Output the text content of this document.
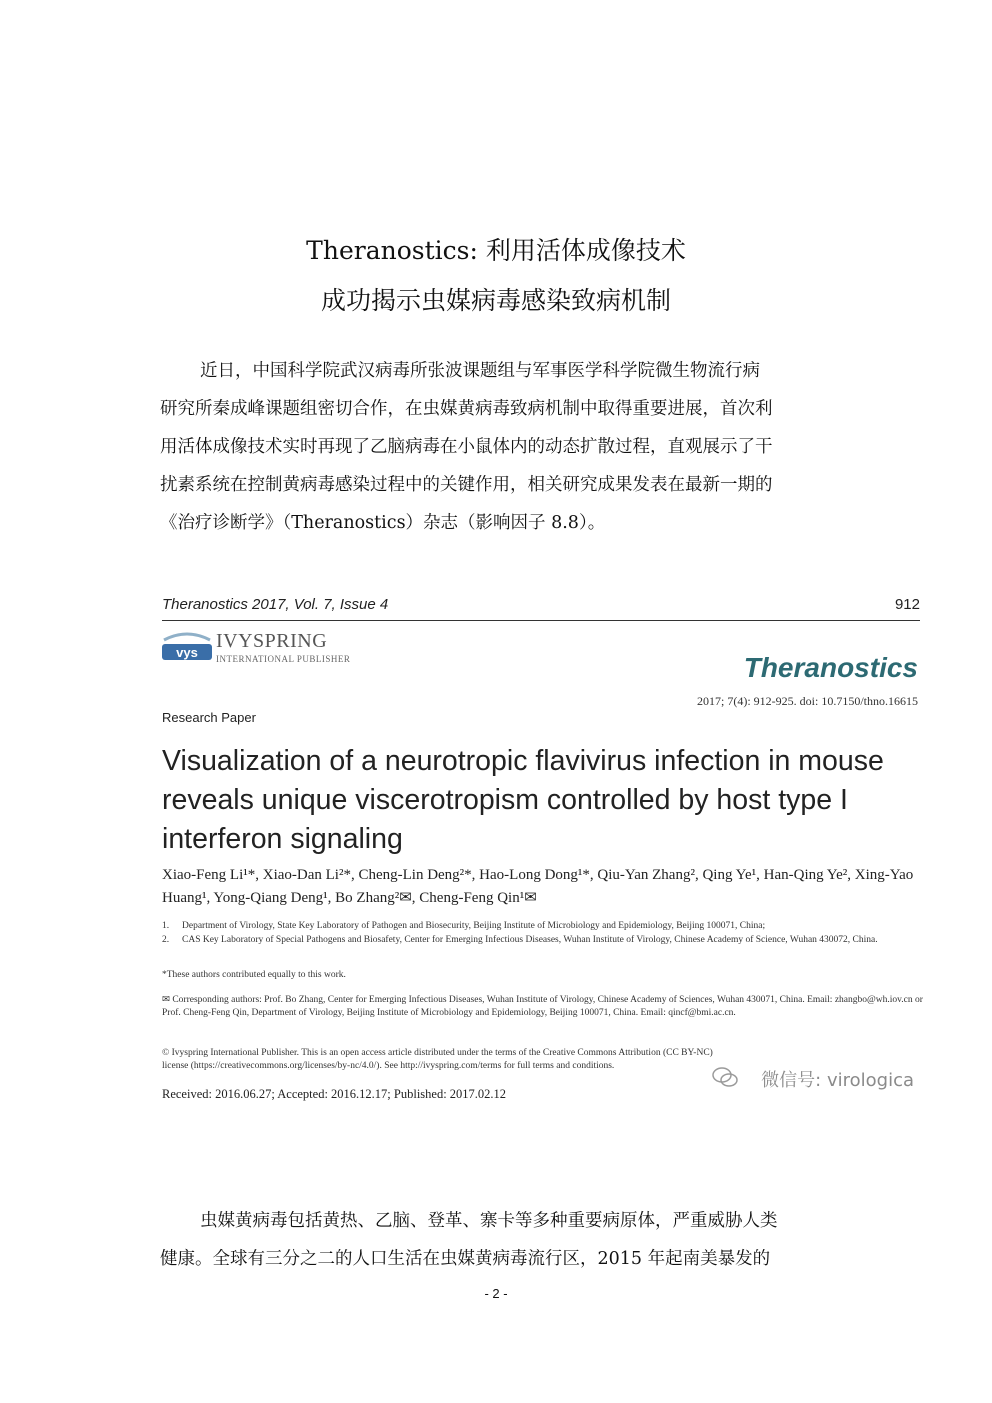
Theranostics: 利用活体成像技术
成功揭示虫媒病毒感染致病机制
近日，中国科学院武汉病毒所张波课题组与军事医学科学院微生物流行病
研究所秦成峰课题组密切合作，在虫媒黄病毒致病机制中取得重要进展，首次利
用活体成像技术实时再现了乙脑病毒在小鼠体内的动态扩散过程，直观展示了干
扰素系统在控制黄病毒感染过程中的关键作用，相关研究成果发表在最新一期的
《治疗诊断学》（Theranostics）杂志（影响因子 8.8）。
Theranostics 2017, Vol. 7, Issue 4	912
vys
IVYSPRING
INTERNATIONAL PUBLISHER	Theranostics
2017; 7(4): 912-925. doi: 10.7150/thno.16615
Research Paper
Visualization of a neurotropic flavivirus infection in mouse reveals unique viscerotropism controlled by host type I interferon signaling
Xiao-Feng Li¹*, Xiao-Dan Li²*, Cheng-Lin Deng²*, Hao-Long Dong¹*, Qiu-Yan Zhang², Qing Ye¹, Han-Qing Ye², Xing-Yao Huang¹, Yong-Qiang Deng¹, Bo Zhang²✉, Cheng-Feng Qin¹✉
1. Department of Virology, State Key Laboratory of Pathogen and Biosecurity, Beijing Institute of Microbiology and Epidemiology, Beijing 100071, China;
2. CAS Key Laboratory of Special Pathogens and Biosafety, Center for Emerging Infectious Diseases, Wuhan Institute of Virology, Chinese Academy of Science, Wuhan 430072, China.
*These authors contributed equally to this work.
✉ Corresponding authors: Prof. Bo Zhang, Center for Emerging Infectious Diseases, Wuhan Institute of Virology, Chinese Academy of Sciences, Wuhan 430071, China. Email: zhangbo@wh.iov.cn or Prof. Cheng-Feng Qin, Department of Virology, Beijing Institute of Microbiology and Epidemiology, Beijing 100071, China. Email: qincf@bmi.ac.cn.
© Ivyspring International Publisher. This is an open access article distributed under the terms of the Creative Commons Attribution (CC BY-NC) license (https://creativecommons.org/licenses/by-nc/4.0/). See http://ivyspring.com/terms for full terms and conditions.
Received: 2016.06.27; Accepted: 2016.12.17; Published: 2017.02.12
微信号: virologica
虫媒黄病毒包括黄热、乙脑、登革、寨卡等多种重要病原体，严重威胁人类
健康。全球有三分之二的人口生活在虫媒黄病毒流行区，2015 年起南美暴发的
- 2 -
